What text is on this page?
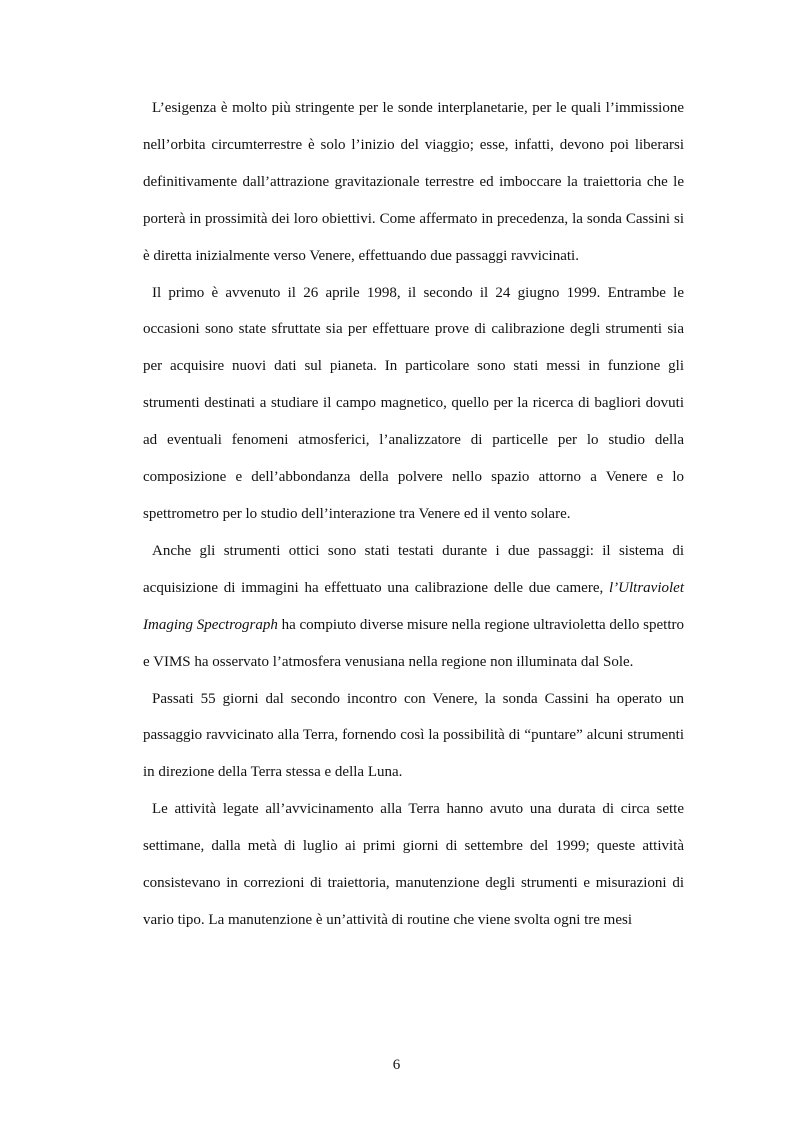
L’esigenza è molto più stringente per le sonde interplanetarie, per le quali l’immissione nell’orbita circumterrestre è solo l’inizio del viaggio; esse, infatti, devono poi liberarsi definitivamente dall’attrazione gravitazionale terrestre ed imboccare la traiettoria che le porterà in prossimità dei loro obiettivi. Come affermato in precedenza, la sonda Cassini si è diretta inizialmente verso Venere, effettuando due passaggi ravvicinati.

Il primo è avvenuto il 26 aprile 1998, il secondo il 24 giugno 1999. Entrambe le occasioni sono state sfruttate sia per effettuare prove di calibrazione degli strumenti sia per acquisire nuovi dati sul pianeta. In particolare sono stati messi in funzione gli strumenti destinati a studiare il campo magnetico, quello per la ricerca di bagliori dovuti ad eventuali fenomeni atmosferici, l’analizzatore di particelle per lo studio della composizione e dell’abbondanza della polvere nello spazio attorno a Venere e lo spettrometro per lo studio dell’interazione tra Venere ed il vento solare.

Anche gli strumenti ottici sono stati testati durante i due passaggi: il sistema di acquisizione di immagini ha effettuato una calibrazione delle due camere, l’Ultraviolet Imaging Spectrograph ha compiuto diverse misure nella regione ultravioletta dello spettro e VIMS ha osservato l’atmosfera venusiana nella regione non illuminata dal Sole.

Passati 55 giorni dal secondo incontro con Venere, la sonda Cassini ha operato un passaggio ravvicinato alla Terra, fornendo così la possibilità di “puntare” alcuni strumenti in direzione della Terra stessa e della Luna.

Le attività legate all’avvicinamento alla Terra hanno avuto una durata di circa sette settimane, dalla metà di luglio ai primi giorni di settembre del 1999; queste attività consistevano in correzioni di traiettoria, manutenzione degli strumenti e misurazioni di vario tipo. La manutenzione è un’attività di routine che viene svolta ogni tre mesi

6
